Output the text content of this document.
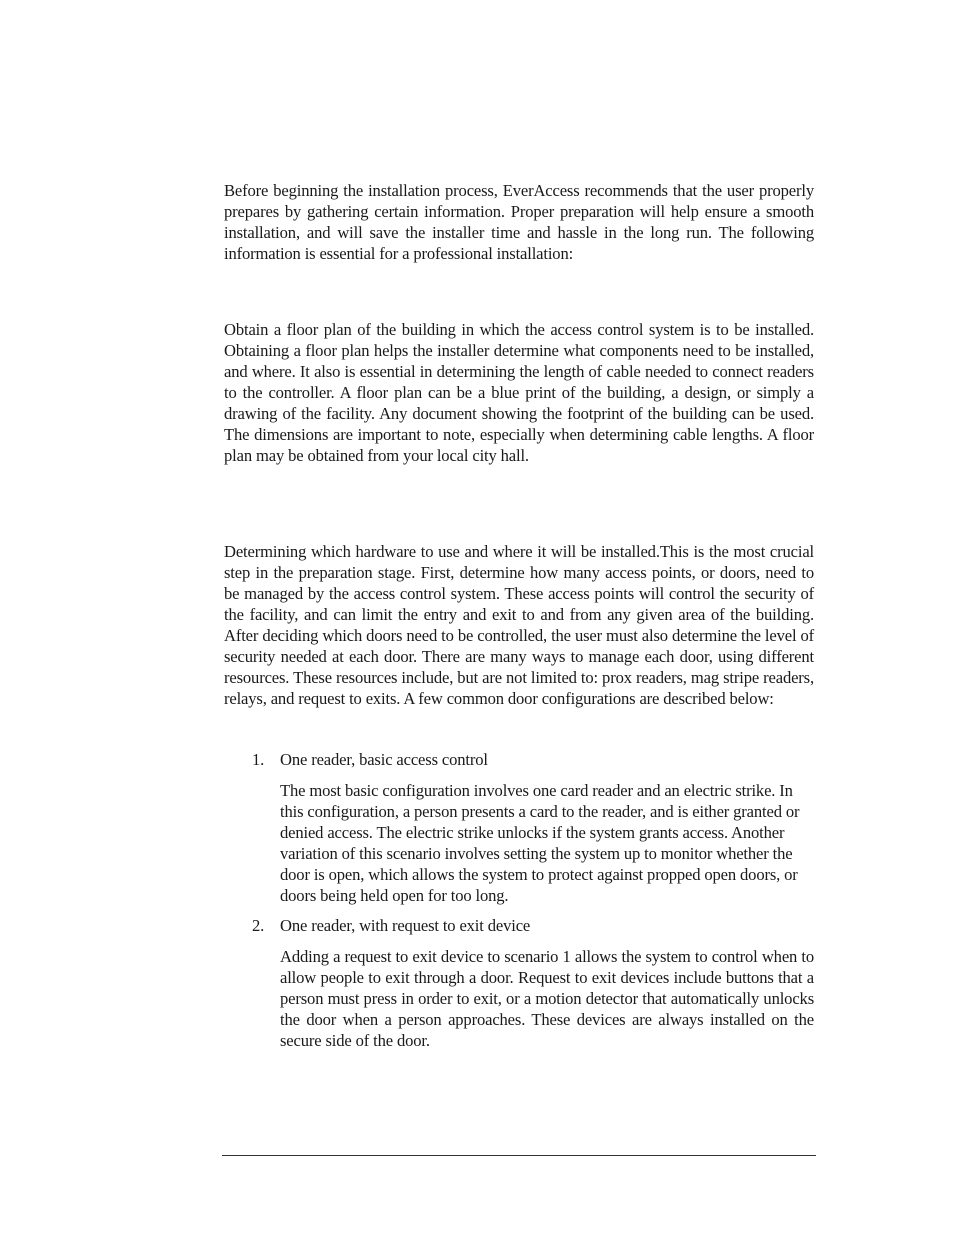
Before beginning the installation process, EverAccess recommends that the user properly prepares by gathering certain information. Proper preparation will help ensure a smooth installation, and will save the installer time and hassle in the long run. The following information is essential for a professional installation:

Obtain a floor plan of the building in which the access control system is to be installed. Obtaining a floor plan helps the installer determine what components need to be installed, and where. It also is essential in determining the length of cable needed to connect readers to the controller. A floor plan can be a blue print of the building, a design, or simply a drawing of the facility. Any document showing the footprint of the building can be used. The dimensions are important to note, especially when determining cable lengths. A floor plan may be obtained from your local city hall.

Determining which hardware to use and where it will be installed.This is the most crucial step in the preparation stage. First, determine how many access points, or doors, need to be managed by the access control system. These access points will control the security of the facility, and can limit the entry and exit to and from any given area of the building. After deciding which doors need to be controlled, the user must also determine the level of security needed at each door. There are many ways to manage each door, using different resources. These resources include, but are not limited to: prox readers, mag stripe readers, relays, and request to exits. A few common door configurations are described below:

1. One reader, basic access control
The most basic configuration involves one card reader and an electric strike. In this configuration, a person presents a card to the reader, and is either granted or denied access. The electric strike unlocks if the system grants access. Another variation of this scenario involves setting the system up to monitor whether the door is open, which allows the system to protect against propped open doors, or doors being held open for too long.
2. One reader, with request to exit device
Adding a request to exit device to scenario 1 allows the system to control when to allow people to exit through a door. Request to exit devices include buttons that a person must press in order to exit, or a motion detector that automatically unlocks the door when a person approaches. These devices are always installed on the secure side of the door.
